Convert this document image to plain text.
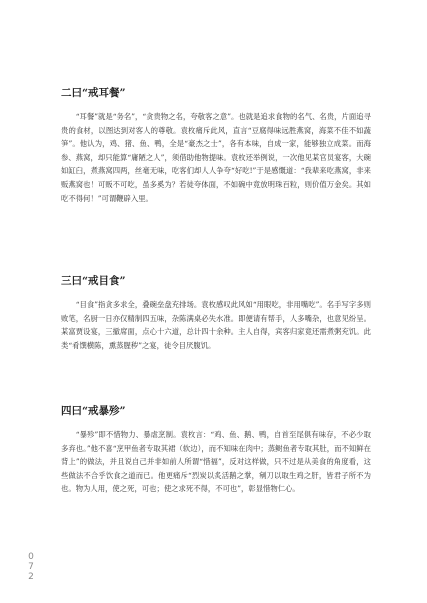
二曰“戒耳餐”

“耳餐”就是“务名”，“贪贵物之名，夸敬客之意”。也就是追求食物的名气、名贵，片面追寻贵的食材，以图达到对客人的尊敬。袁枚痛斥此风，直言“豆腐得味远胜燕窝，海菜不佳不如蔬笋”。他认为，鸡、猪、鱼、鸭，全是“豪杰之士”，各有本味，自成一家，能够独立成菜。而海参、燕窝，却只能算“庸陋之人”，须借助他物提味。袁枚还举例说，一次他见某官员宴客，大碗如缸臼，煮燕窝四两，丝毫无味，吃客们却人人争夸“好吃!”于是感慨道：“我辈来吃燕窝，非来贩燕窝也！可贩不可吃，虽多奚为？若徒夸体面，不如碗中竟放明珠百粒，则价值万金矣。其如吃不得何！”可谓鞭辟入里。

三曰“戒目食”

“目食”指贪多求全，叠碗垒盘充排场。袁枚感叹此风如“用眼吃，非用嘴吃”。名手写字多则败笔，名厨一日亦仅精制四五味，杂陈满桌必失水准。即便请有帮手，人多嘴杂，也意见纷呈。某富贾设宴，三撤席面，点心十六道，总计四十余种。主人自得，宾客归家竟还需煮粥充饥。此类“肴馔横陈，熏蒸腥秽”之宴，徒令目厌腹饥。

四曰“戒暴殄”

“暴殄”即不惜物力、暴虐烹制。袁枚言：“鸡、鱼、鹅、鸭，自首至尾俱有味存，不必少取多弃也。”他不喜“烹甲鱼者专取其裙（软边），而不知味在肉中；蒸鲥鱼者专取其肚，而不知鲜在背上”的做法，并且说自己并非如前人所谓“惜福”，反对这样做，只不过是从美食的角度看，这些做法不合乎饮食之道而已。他更痛斥“烈炭以炙活鹅之掌，剜刀以取生鸡之肝，皆君子所不为也。物为人用，使之死，可也；使之求死不得，不可也”，彰显惜物仁心。

0
7
2
